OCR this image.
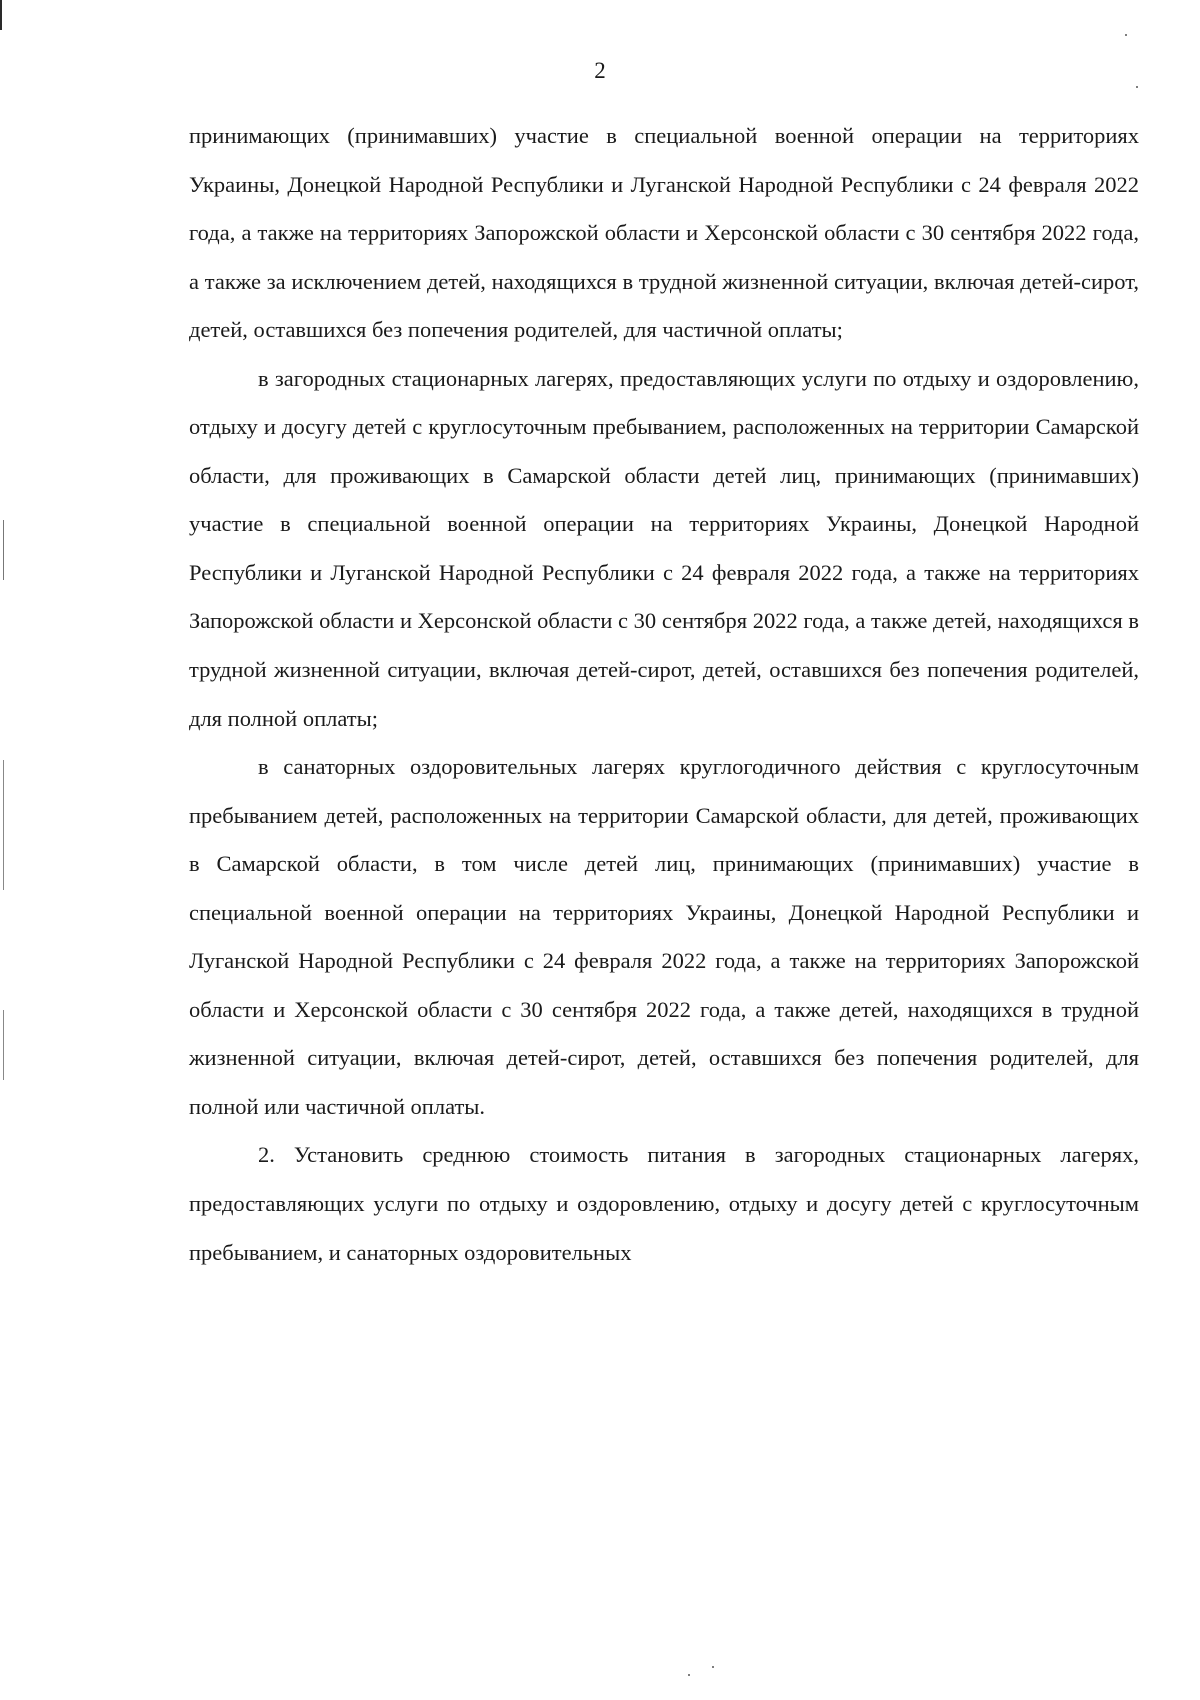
2

принимающих (принимавших) участие в специальной военной операции на территориях Украины, Донецкой Народной Республики и Луганской Народной Республики с 24 февраля 2022 года, а также на территориях Запорожской области и Херсонской области с 30 сентября 2022 года, а также за исключением детей, находящихся в трудной жизненной ситуации, включая детей-сирот, детей, оставшихся без попечения родителей, для частичной оплаты;

в загородных стационарных лагерях, предоставляющих услуги по отдыху и оздоровлению, отдыху и досугу детей с круглосуточным пребыванием, расположенных на территории Самарской области, для проживающих в Самарской области детей лиц, принимающих (принимавших) участие в специальной военной операции на территориях Украины, Донецкой Народной Республики и Луганской Народной Республики с 24 февраля 2022 года, а также на территориях Запорожской области и Херсонской области с 30 сентября 2022 года, а также детей, находящихся в трудной жизненной ситуации, включая детей-сирот, детей, оставшихся без попечения родителей, для полной оплаты;

в санаторных оздоровительных лагерях круглогодичного действия с круглосуточным пребыванием детей, расположенных на территории Самарской области, для детей, проживающих в Самарской области, в том числе детей лиц, принимающих (принимавших) участие в специальной военной операции на территориях Украины, Донецкой Народной Республики и Луганской Народной Республики с 24 февраля 2022 года, а также на территориях Запорожской области и Херсонской области с 30 сентября 2022 года, а также детей, находящихся в трудной жизненной ситуации, включая детей-сирот, детей, оставшихся без попечения родителей, для полной или частичной оплаты.

2. Установить среднюю стоимость питания в загородных стационарных лагерях, предоставляющих услуги по отдыху и оздоровлению, отдыху и досугу детей с круглосуточным пребыванием, и санаторных оздоровительных
